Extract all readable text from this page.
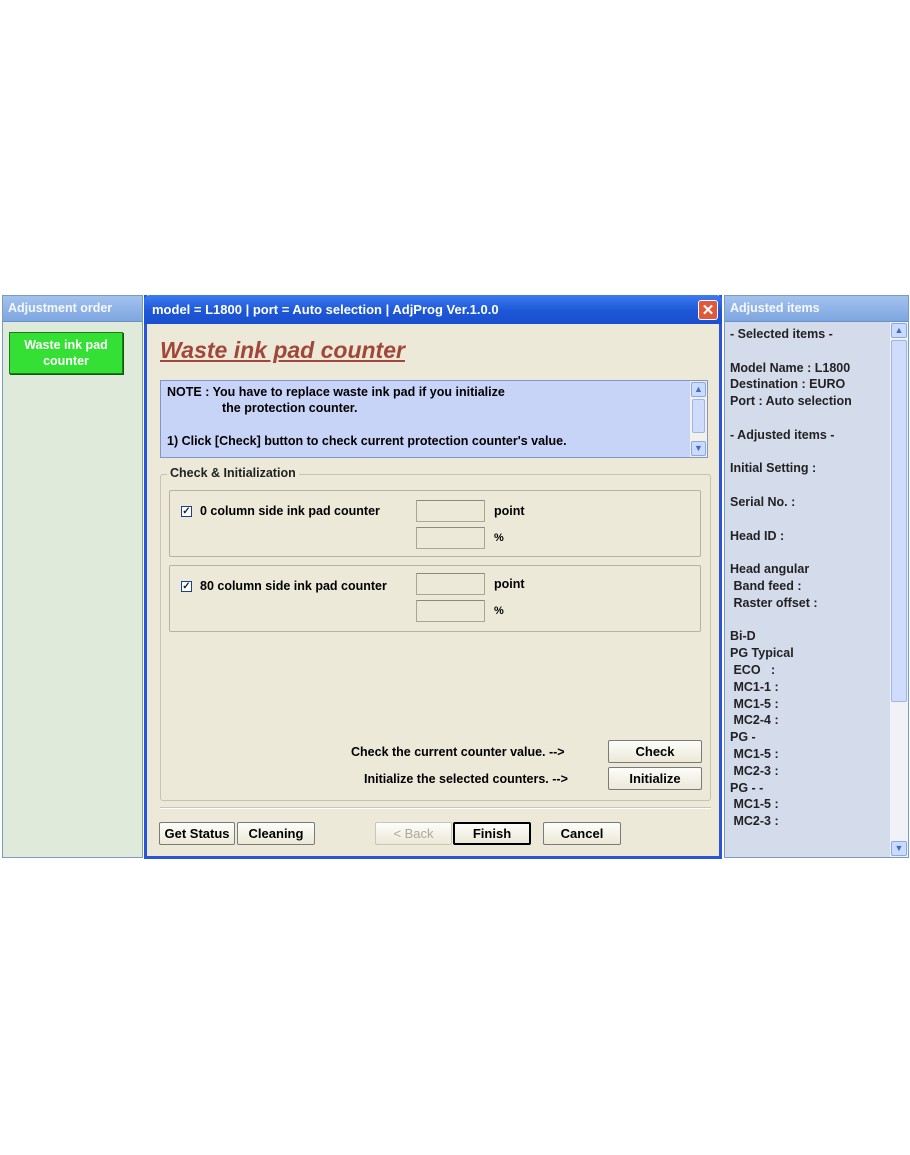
Adjustment order
Waste ink pad
counter
model = L1800 | port = Auto selection | AdjProg Ver.1.0.0	✕
Waste ink pad counter
NOTE : You have to replace waste ink pad if you initialize
the protection counter.
1) Click [Check] button to check current protection counter's value.
▲
▼
Check & Initialization
✓ 0 column side ink pad counter	point
%
✓ 80 column side ink pad counter	point
%
Check the current counter value. -->	Check
Initialize the selected counters. -->	Initialize
Get Status	Cleaning	< Back	Finish	Cancel
Adjusted items
- Selected items -

Model Name : L1800
Destination : EURO
Port : Auto selection

- Adjusted items -

Initial Setting :

Serial No. :

Head ID :

Head angular
Band feed :
Raster offset :

Bi-D
PG Typical
ECO   :
MC1-1 :
MC1-5 :
MC2-4 :
PG -
MC1-5 :
MC2-3 :
PG - -
MC1-5 :
MC2-3 :
▲
▼
